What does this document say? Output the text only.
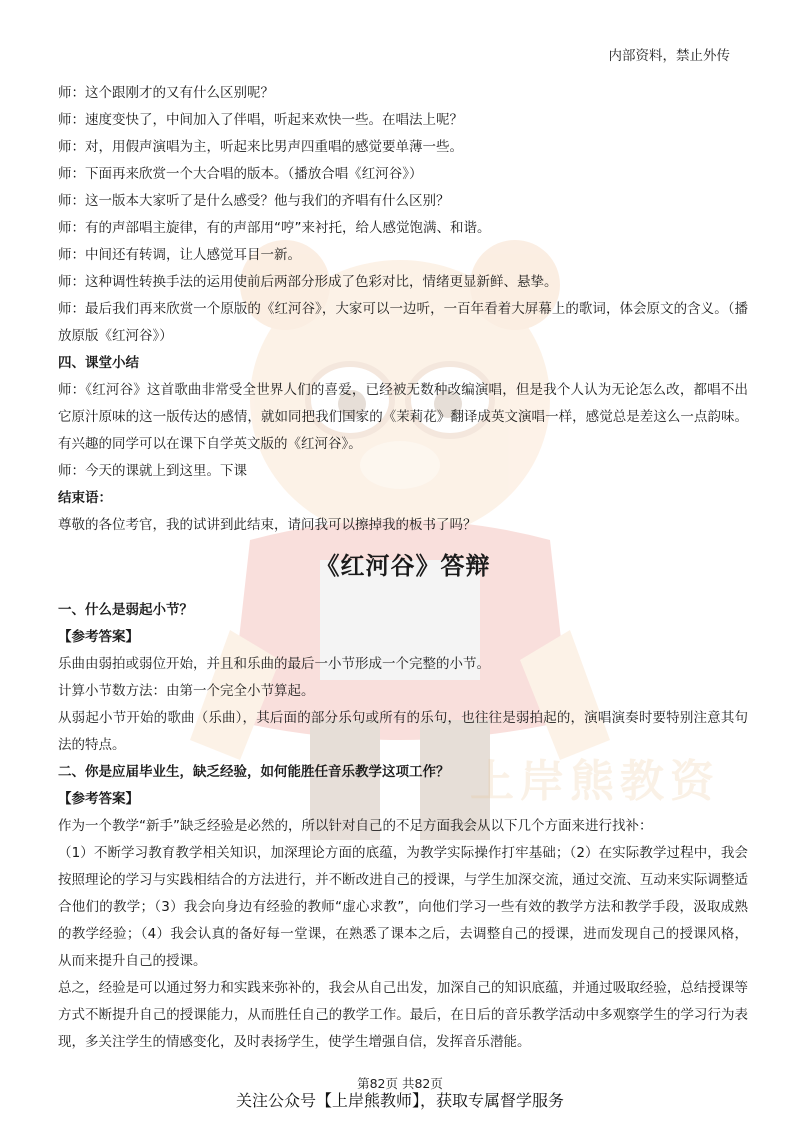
上岸熊教资
内部资料，禁止外传

师：这个跟刚才的又有什么区别呢？

师：速度变快了，中间加入了伴唱，听起来欢快一些。在唱法上呢？

师：对，用假声演唱为主，听起来比男声四重唱的感觉要单薄一些。

师：下面再来欣赏一个大合唱的版本。（播放合唱《红河谷》）

师：这一版本大家听了是什么感受？他与我们的齐唱有什么区别？

师：有的声部唱主旋律，有的声部用“哼”来衬托，给人感觉饱满、和谐。

师：中间还有转调，让人感觉耳目一新。

师：这种调性转换手法的运用使前后两部分形成了色彩对比，情绪更显新鲜、悬挚。

师：最后我们再来欣赏一个原版的《红河谷》，大家可以一边听，一百年看着大屏幕上的歌词，体会原文的含义。（播放原版《红河谷》）

四、课堂小结

师：《红河谷》这首歌曲非常受全世界人们的喜爱，已经被无数种改编演唱，但是我个人认为无论怎么改，都唱不出它原汁原味的这一版传达的感情，就如同把我们国家的《茉莉花》翻译成英文演唱一样，感觉总是差这么一点韵味。有兴趣的同学可以在课下自学英文版的《红河谷》。

师：今天的课就上到这里。下课

结束语：

尊敬的各位考官，我的试讲到此结束，请问我可以擦掉我的板书了吗？

《红河谷》答辩

一、什么是弱起小节？

【参考答案】

乐曲由弱拍或弱位开始，并且和乐曲的最后一小节形成一个完整的小节。

计算小节数方法：由第一个完全小节算起。

从弱起小节开始的歌曲（乐曲），其后面的部分乐句或所有的乐句，也往往是弱拍起的，演唱演奏时要特别注意其句法的特点。

二、你是应届毕业生，缺乏经验，如何能胜任音乐教学这项工作？

【参考答案】

作为一个教学“新手”缺乏经验是必然的，所以针对自己的不足方面我会从以下几个方面来进行找补：

（1）不断学习教育教学相关知识，加深理论方面的底蕴，为教学实际操作打牢基础；（2）在实际教学过程中，我会按照理论的学习与实践相结合的方法进行，并不断改进自己的授课，与学生加深交流，通过交流、互动来实际调整适合他们的教学；（3）我会向身边有经验的教师“虚心求教”，向他们学习一些有效的教学方法和教学手段，汲取成熟的教学经验；（4）我会认真的备好每一堂课，在熟悉了课本之后，去调整自己的授课，进而发现自己的授课风格，从而来提升自己的授课。

总之，经验是可以通过努力和实践来弥补的，我会从自己出发，加深自己的知识底蕴，并通过吸取经验，总结授课等方式不断提升自己的授课能力，从而胜任自己的教学工作。最后，在日后的音乐教学活动中多观察学生的学习行为表现，多关注学生的情感变化，及时表扬学生，使学生增强自信，发挥音乐潜能。

第82页 共82页
关注公众号【上岸熊教师】，获取专属督学服务
